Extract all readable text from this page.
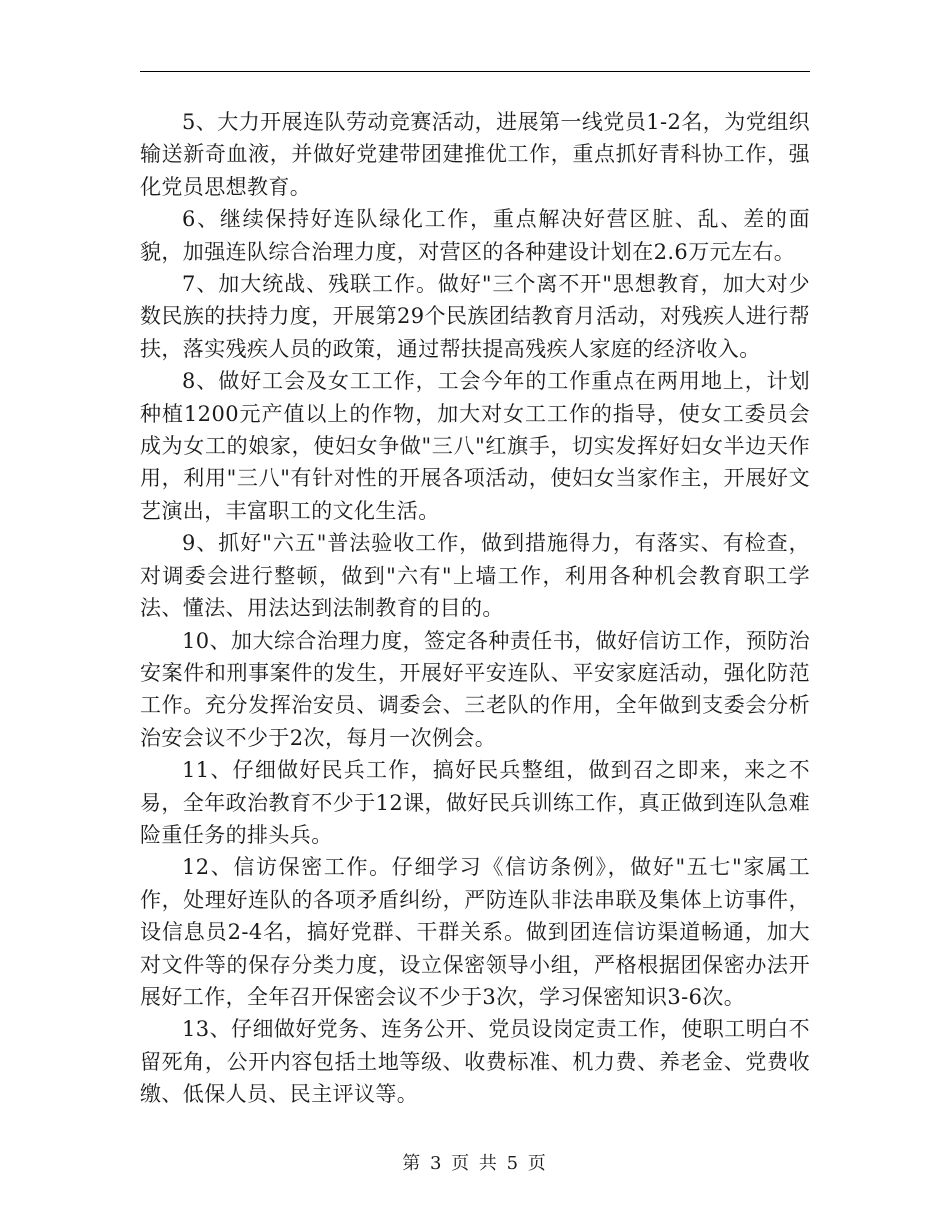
5、大力开展连队劳动竞赛活动，进展第一线党员1-2名，为党组织输送新奇血液，并做好党建带团建推优工作，重点抓好青科协工作，强化党员思想教育。

6、继续保持好连队绿化工作，重点解决好营区脏、乱、差的面貌，加强连队综合治理力度，对营区的各种建设计划在2.6万元左右。

7、加大统战、残联工作。做好"三个离不开"思想教育，加大对少数民族的扶持力度，开展第29个民族团结教育月活动，对残疾人进行帮扶，落实残疾人员的政策，通过帮扶提高残疾人家庭的经济收入。

8、做好工会及女工工作，工会今年的工作重点在两用地上，计划种植1200元产值以上的作物，加大对女工工作的指导，使女工委员会成为女工的娘家，使妇女争做"三八"红旗手，切实发挥好妇女半边天作用，利用"三八"有针对性的开展各项活动，使妇女当家作主，开展好文艺演出，丰富职工的文化生活。

9、抓好"六五"普法验收工作，做到措施得力，有落实、有检查，对调委会进行整顿，做到"六有"上墙工作，利用各种机会教育职工学法、懂法、用法达到法制教育的目的。

10、加大综合治理力度，签定各种责任书，做好信访工作，预防治安案件和刑事案件的发生，开展好平安连队、平安家庭活动，强化防范工作。充分发挥治安员、调委会、三老队的作用，全年做到支委会分析治安会议不少于2次，每月一次例会。

11、仔细做好民兵工作，搞好民兵整组，做到召之即来，来之不易，全年政治教育不少于12课，做好民兵训练工作，真正做到连队急难险重任务的排头兵。

12、信访保密工作。仔细学习《信访条例》，做好"五七"家属工作，处理好连队的各项矛盾纠纷，严防连队非法串联及集体上访事件，设信息员2-4名，搞好党群、干群关系。做到团连信访渠道畅通，加大对文件等的保存分类力度，设立保密领导小组，严格根据团保密办法开展好工作，全年召开保密会议不少于3次，学习保密知识3-6次。

13、仔细做好党务、连务公开、党员设岗定责工作，使职工明白不留死角，公开内容包括土地等级、收费标准、机力费、养老金、党费收缴、低保人员、民主评议等。

第 3 页 共 5 页
